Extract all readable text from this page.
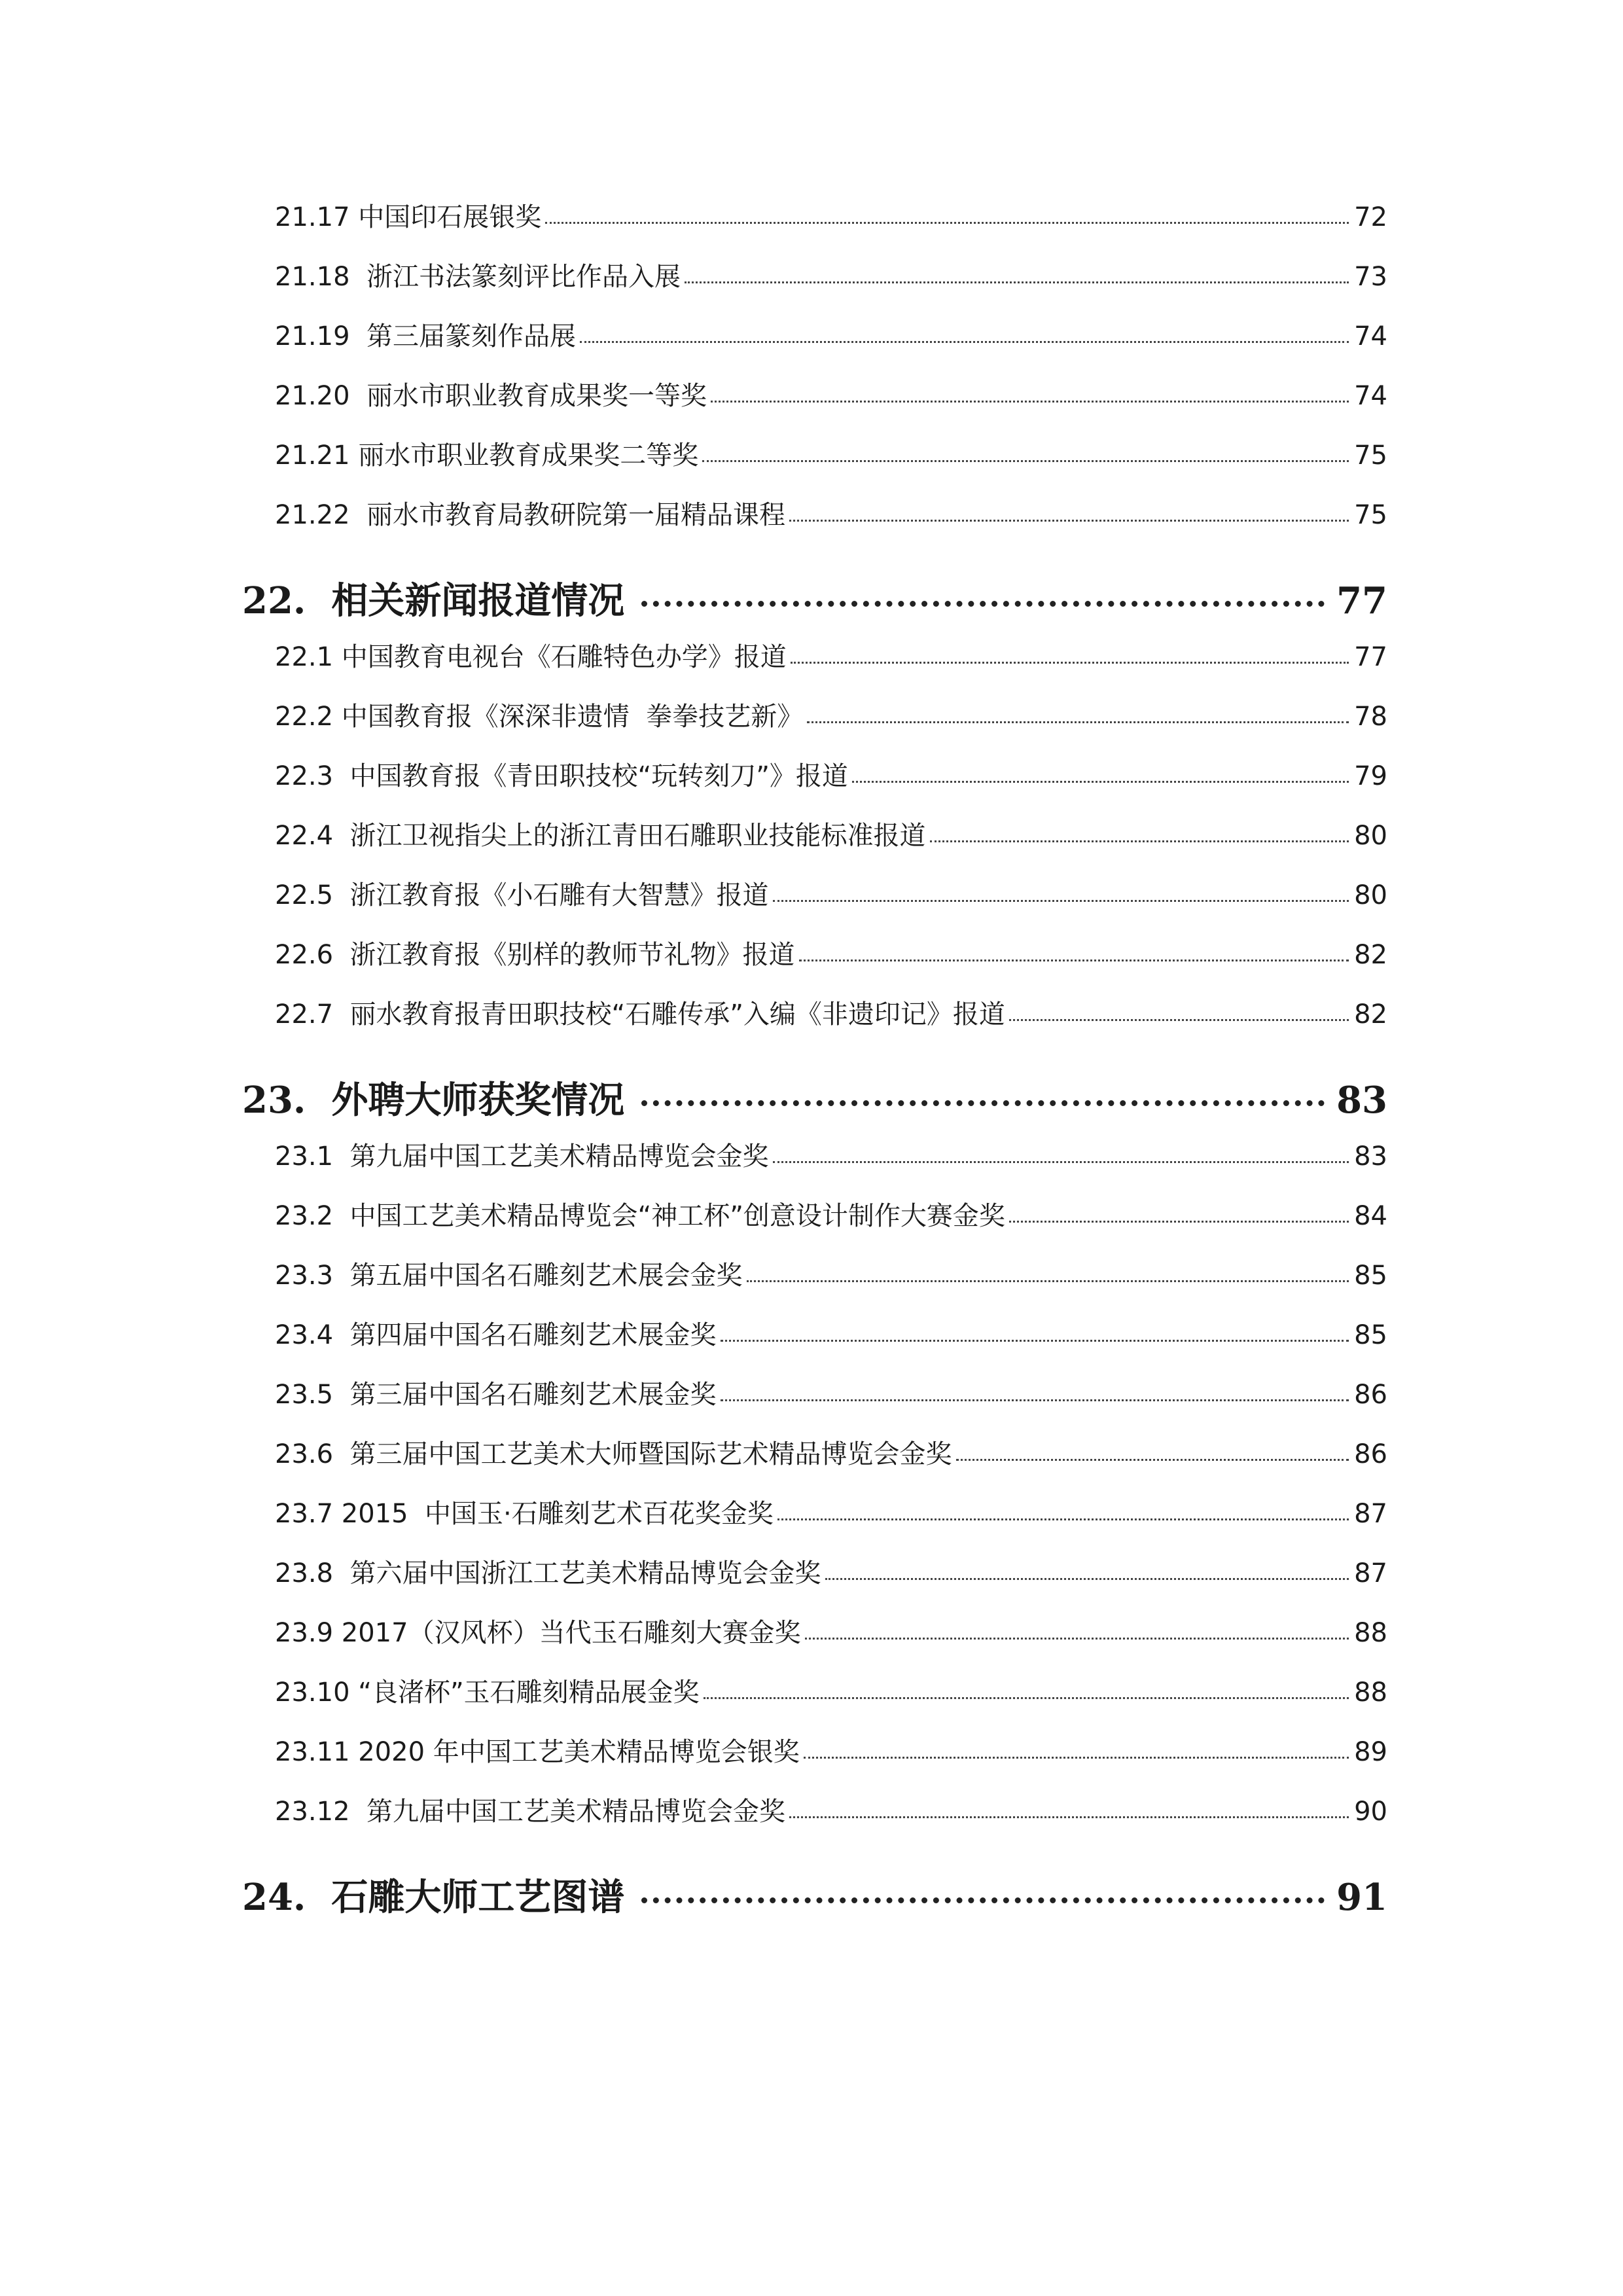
21.17 中国印石展银奖	72
21.18  浙江书法篆刻评比作品入展	73
21.19  第三届篆刻作品展	74
21.20  丽水市职业教育成果奖一等奖	74
21.21 丽水市职业教育成果奖二等奖	75
21.22  丽水市教育局教研院第一届精品课程	75
22.  相关新闻报道情况	77
22.1 中国教育电视台《石雕特色办学》报道	77
22.2 中国教育报《深深非遗情  拳拳技艺新》	78
22.3  中国教育报《青田职技校“玩转刻刀”》报道	79
22.4  浙江卫视指尖上的浙江青田石雕职业技能标准报道	80
22.5  浙江教育报《小石雕有大智慧》报道	80
22.6  浙江教育报《别样的教师节礼物》报道	82
22.7  丽水教育报青田职技校“石雕传承”入编《非遗印记》报道	82
23.  外聘大师获奖情况	83
23.1  第九届中国工艺美术精品博览会金奖	83
23.2  中国工艺美术精品博览会“神工杯”创意设计制作大赛金奖	84
23.3  第五届中国名石雕刻艺术展会金奖	85
23.4  第四届中国名石雕刻艺术展金奖	85
23.5  第三届中国名石雕刻艺术展金奖	86
23.6  第三届中国工艺美术大师暨国际艺术精品博览会金奖	86
23.7 2015  中国玉·石雕刻艺术百花奖金奖	87
23.8  第六届中国浙江工艺美术精品博览会金奖	87
23.9 2017（汉风杯）当代玉石雕刻大赛金奖	88
23.10 “良渚杯”玉石雕刻精品展金奖	88
23.11 2020 年中国工艺美术精品博览会银奖	89
23.12  第九届中国工艺美术精品博览会金奖	90
24.  石雕大师工艺图谱	91
